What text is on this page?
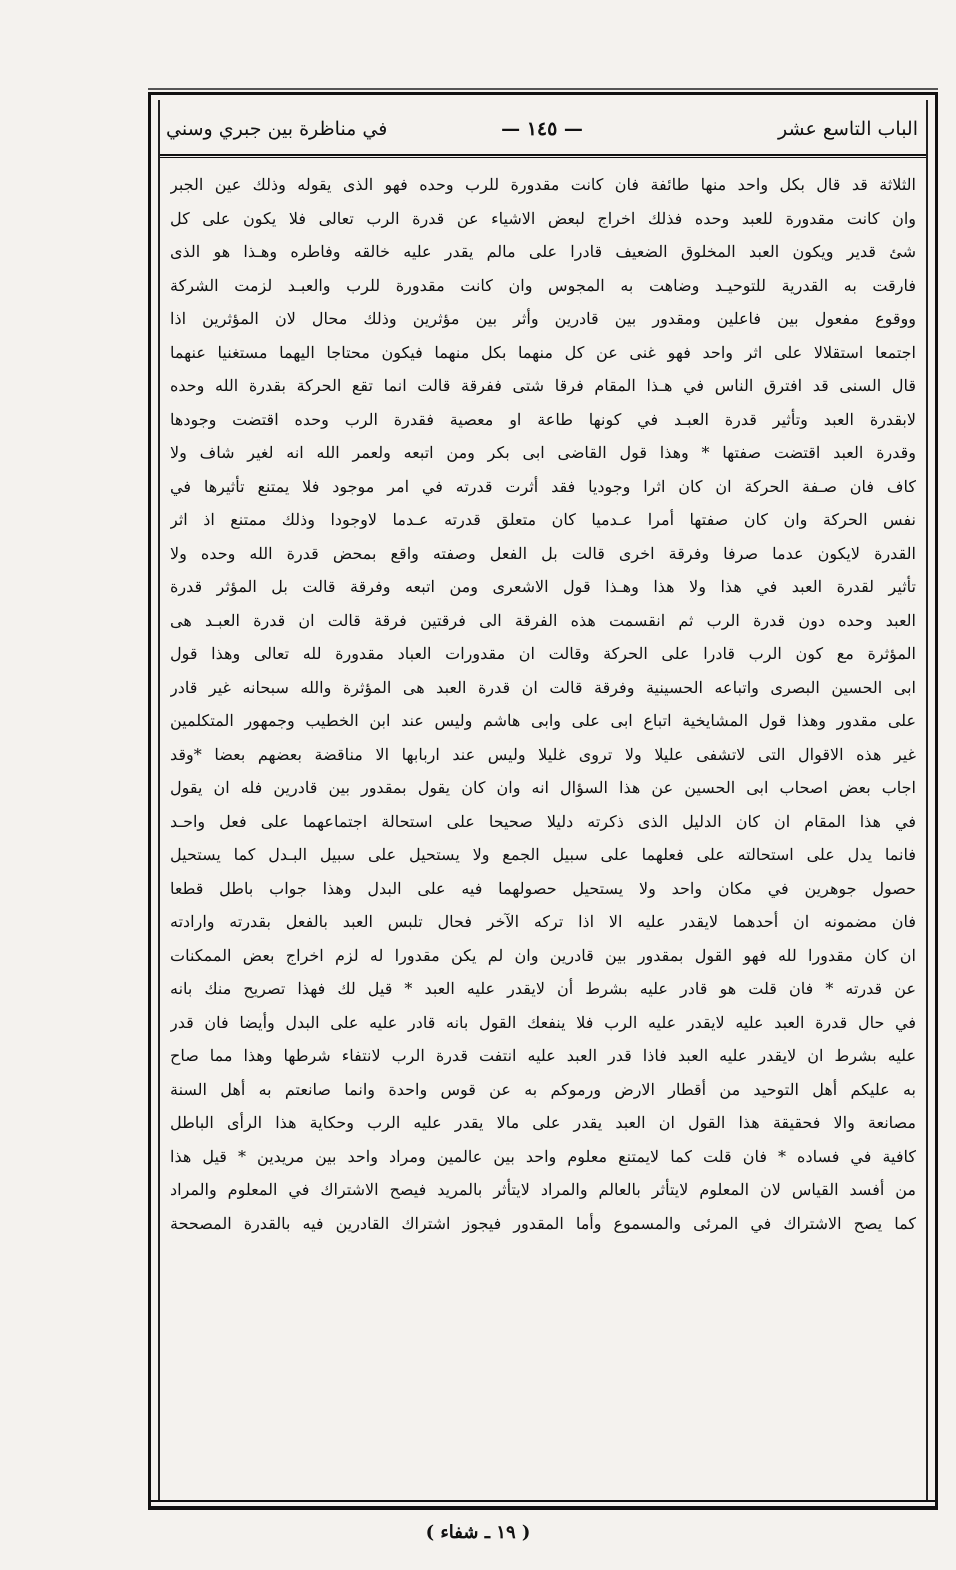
الباب التاسع عشر
— ١٤٥ —
في مناظرة بين جبري وسني
الثلاثة قد قال بكل واحد منها طائفة فان كانت مقدورة للرب وحده فهو الذى يقوله وذلك عين الجبر
وان كانت مقدورة للعبد وحده فذلك اخراج لبعض الاشياء عن قدرة الرب تعالى فلا يكون على كل
شئ قدير ويكون العبد المخلوق الضعيف قادرا على مالم يقدر عليه خالقه وفاطره وهـذا هو الذى
فارقت به القدرية للتوحيـد وضاهت به المجوس وان كانت مقدورة للرب والعبـد لزمت الشركة
ووقوع مفعول بين فاعلين ومقدور بين قادرين وأثر بين مؤثرين وذلك محال لان المؤثرين اذا
اجتمعا استقلالا على اثر واحد فهو غنى عن كل منهما بكل منهما فيكون محتاجا اليهما مستغنيا عنهما
قال السنى قد افترق الناس في هـذا المقام فرقا شتى ففرقة قالت انما تقع الحركة بقدرة الله وحده
لابقدرة العبد وتأثير قدرة العبـد في كونها طاعة او معصية فقدرة الرب وحده اقتضت وجودها
وقدرة العبد اقتضت صفتها * وهذا قول القاضى ابى بكر ومن اتبعه ولعمر الله انه لغير شاف ولا
كاف فان صـفة الحركة ان كان اثرا وجوديا فقد أثرت قدرته في امر موجود فلا يمتنع تأثيرها في
نفس الحركة وان كان صفتها أمرا عـدميا كان متعلق قدرته عـدما لاوجودا وذلك ممتنع اذ اثر
القدرة لايكون عدما صرفا وفرقة اخرى قالت بل الفعل وصفته واقع بمحض قدرة الله وحده ولا
تأثير لقدرة العبد في هذا ولا هذا وهـذا قول الاشعرى ومن اتبعه وفرقة قالت بل المؤثر قدرة
العبد وحده دون قدرة الرب ثم انقسمت هذه الفرقة الى فرقتين فرقة قالت ان قدرة العبـد هى
المؤثرة مع كون الرب قادرا على الحركة وقالت ان مقدورات العباد مقدورة لله تعالى وهذا قول
ابى الحسين البصرى واتباعه الحسينية وفرقة قالت ان قدرة العبد هى المؤثرة والله سبحانه غير قادر
على مقدور وهذا قول المشايخية اتباع ابى على وابى هاشم وليس عند ابن الخطيب وجمهور المتكلمين
غير هذه الاقوال التى لاتشفى عليلا ولا تروى غليلا وليس عند اربابها الا مناقضة بعضهم بعضا *وقد
اجاب بعض اصحاب ابى الحسين عن هذا السؤال انه وان كان يقول بمقدور بين قادرين فله ان يقول
في هذا المقام ان كان الدليل الذى ذكرته دليلا صحيحا على استحالة اجتماعهما على فعل واحـد
فانما يدل على استحالته على فعلهما على سبيل الجمع ولا يستحيل على سبيل البـدل كما يستحيل
حصول جوهرين في مكان واحد ولا يستحيل حصولهما فيه على البدل وهذا جواب باطل قطعا
فان مضمونه ان أحدهما لايقدر عليه الا اذا تركه الآخر فحال تلبس العبد بالفعل بقدرته وارادته
ان كان مقدورا لله فهو القول بمقدور بين قادرين وان لم يكن مقدورا له لزم اخراج بعض الممكنات
عن قدرته * فان قلت هو قادر عليه بشرط أن لايقدر عليه العبد * قيل لك فهذا تصريح منك بانه
في حال قدرة العبد عليه لايقدر عليه الرب فلا ينفعك القول بانه قادر عليه على البدل وأيضا فان قدر
عليه بشرط ان لايقدر عليه العبد فاذا قدر العبد عليه انتفت قدرة الرب لانتفاء شرطها وهذا مما صاح
به عليكم أهل التوحيد من أقطار الارض ورموكم به عن قوس واحدة وانما صانعتم به أهل السنة
مصانعة والا فحقيقة هذا القول ان العبد يقدر على مالا يقدر عليه الرب وحكاية هذا الرأى الباطل
كافية في فساده * فان قلت كما لايمتنع معلوم واحد بين عالمين ومراد واحد بين مريدين * قيل هذا
من أفسد القياس لان المعلوم لايتأثر بالعالم والمراد لايتأثر بالمريد فيصح الاشتراك في المعلوم والمراد
كما يصح الاشتراك في المرئى والمسموع وأما المقدور فيجوز اشتراك القادرين فيه بالقدرة المصححة
( ١٩ ـ شفاء )
